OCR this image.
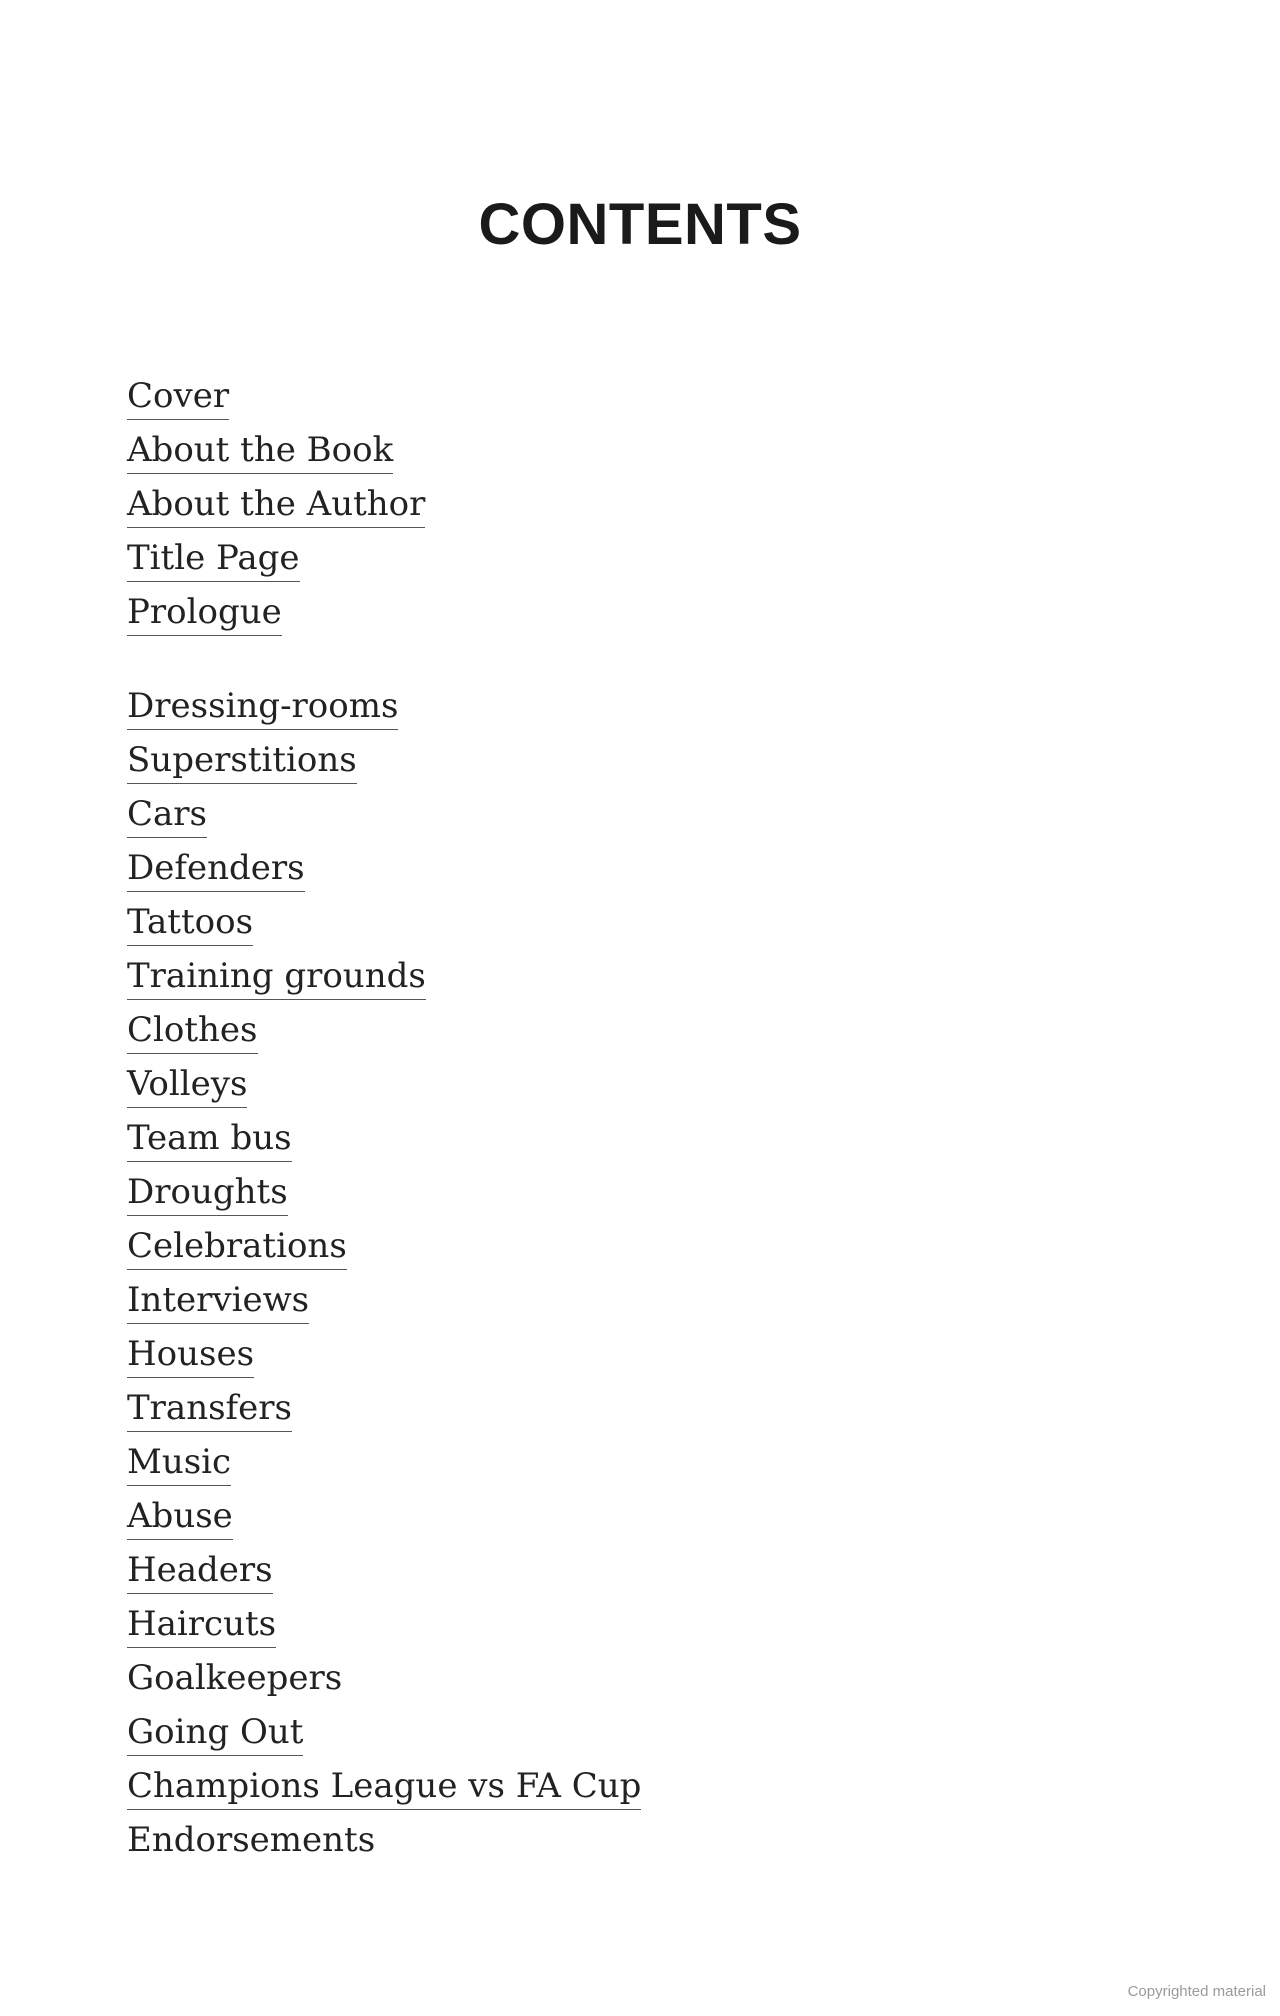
CONTENTS
Cover
About the Book
About the Author
Title Page
Prologue
Dressing-rooms
Superstitions
Cars
Defenders
Tattoos
Training grounds
Clothes
Volleys
Team bus
Droughts
Celebrations
Interviews
Houses
Transfers
Music
Abuse
Headers
Haircuts
Goalkeepers
Going Out
Champions League vs FA Cup
Endorsements
Copyrighted material
